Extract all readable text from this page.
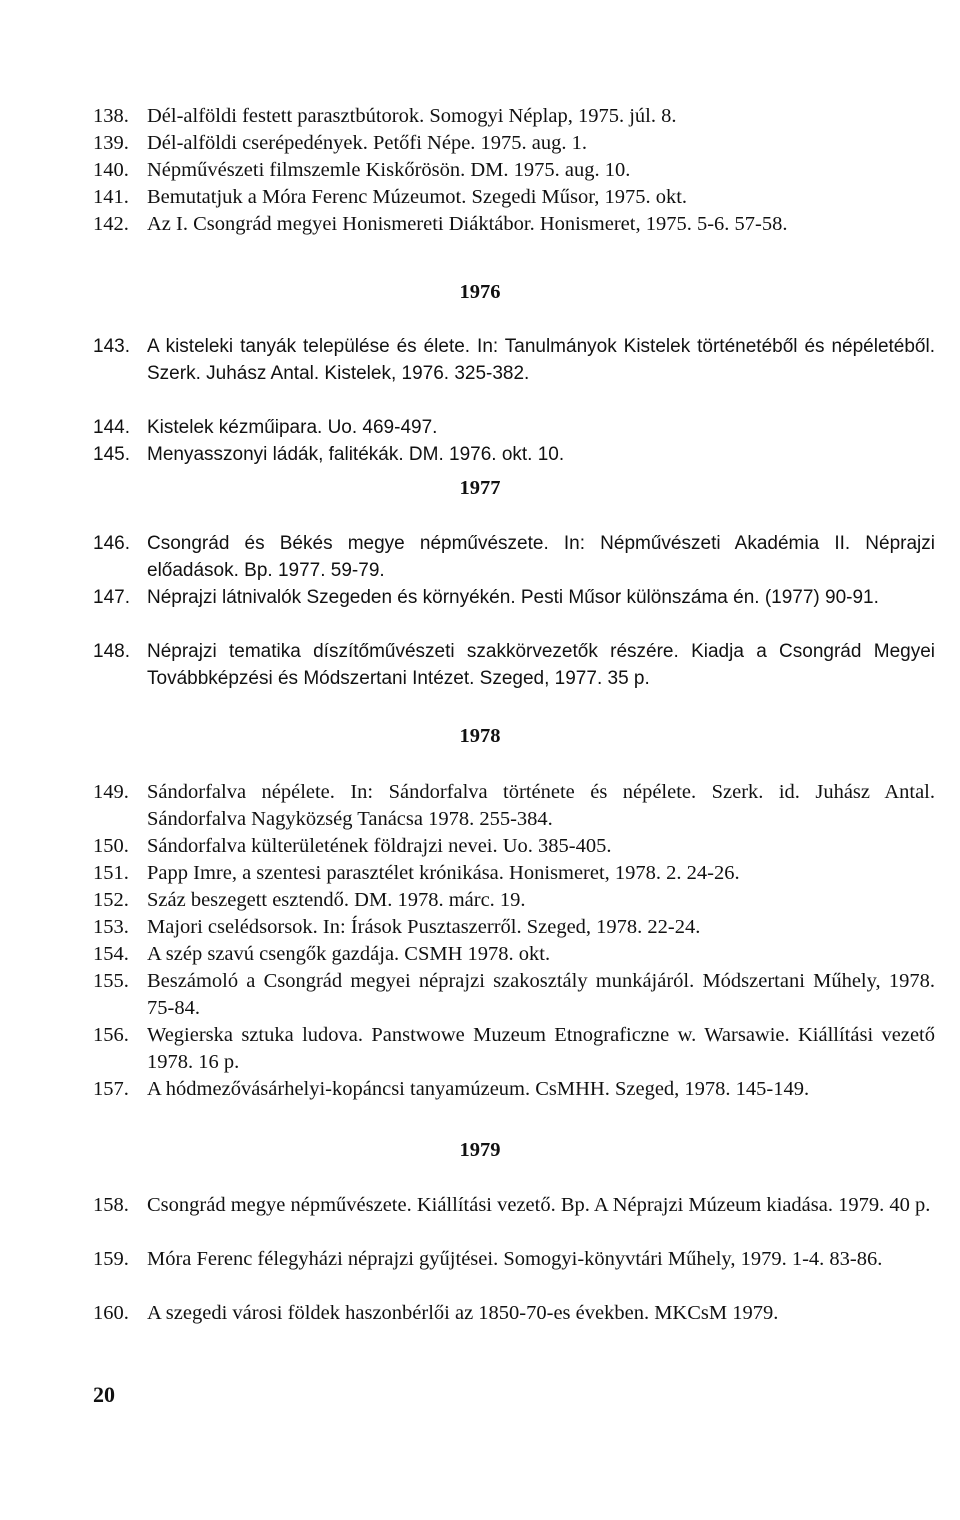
138. Dél-alföldi festett parasztbútorok. Somogyi Néplap, 1975. júl. 8.
139. Dél-alföldi cserépedények. Petőfi Népe. 1975. aug. 1.
140. Népművészeti filmszemle Kiskőrösön. DM. 1975. aug. 10.
141. Bemutatjuk a Móra Ferenc Múzeumot. Szegedi Műsor, 1975. okt.
142. Az I. Csongrád megyei Honismereti Diáktábor. Honismeret, 1975. 5-6. 57-58.
1976
143. A kisteleki tanyák települése és élete. In: Tanulmányok Kistelek történetéből és népéletéből. Szerk. Juhász Antal. Kistelek, 1976. 325-382.
144. Kistelek kézműipara. Uo. 469-497.
145. Menyasszonyi ládák, falitékák. DM. 1976. okt. 10.
1977
146. Csongrád és Békés megye népművészete. In: Népművészeti Akadémia II. Néprajzi előadások. Bp. 1977. 59-79.
147. Néprajzi látnivalók Szegeden és környékén. Pesti Műsor különszáma én. (1977) 90-91.
148. Néprajzi tematika díszítőművészeti szakkörvezetők részére. Kiadja a Csongrád Megyei Továbbképzési és Módszertani Intézet. Szeged, 1977. 35 p.
1978
149. Sándorfalva népélete. In: Sándorfalva története és népélete. Szerk. id. Juhász Antal. Sándorfalva Nagyközség Tanácsa 1978. 255-384.
150. Sándorfalva külterületének földrajzi nevei. Uo. 385-405.
151. Papp Imre, a szentesi parasztélet krónikása. Honismeret, 1978. 2. 24-26.
152. Száz beszegett esztendő. DM. 1978. márc. 19.
153. Majori cselédsorsok. In: Írások Pusztaszerről. Szeged, 1978. 22-24.
154. A szép szavú csengők gazdája. CSMH 1978. okt.
155. Beszámoló a Csongrád megyei néprajzi szakosztály munkájáról. Módszertani Műhely, 1978. 75-84.
156. Wegierska sztuka ludova. Panstwowe Muzeum Etnograficzne w. Warsawie. Kiállítási vezető 1978. 16 p.
157. A hódmezővásárhelyi-kopáncsi tanyamúzeum. CsMHH. Szeged, 1978. 145-149.
1979
158. Csongrád megye népművészete. Kiállítási vezető. Bp. A Néprajzi Múzeum kiadása. 1979. 40 p.
159. Móra Ferenc félegyházi néprajzi gyűjtései. Somogyi-könyvtári Műhely, 1979. 1-4. 83-86.
160. A szegedi városi földek haszonbérlői az 1850-70-es években. MKCsM 1979.
20
